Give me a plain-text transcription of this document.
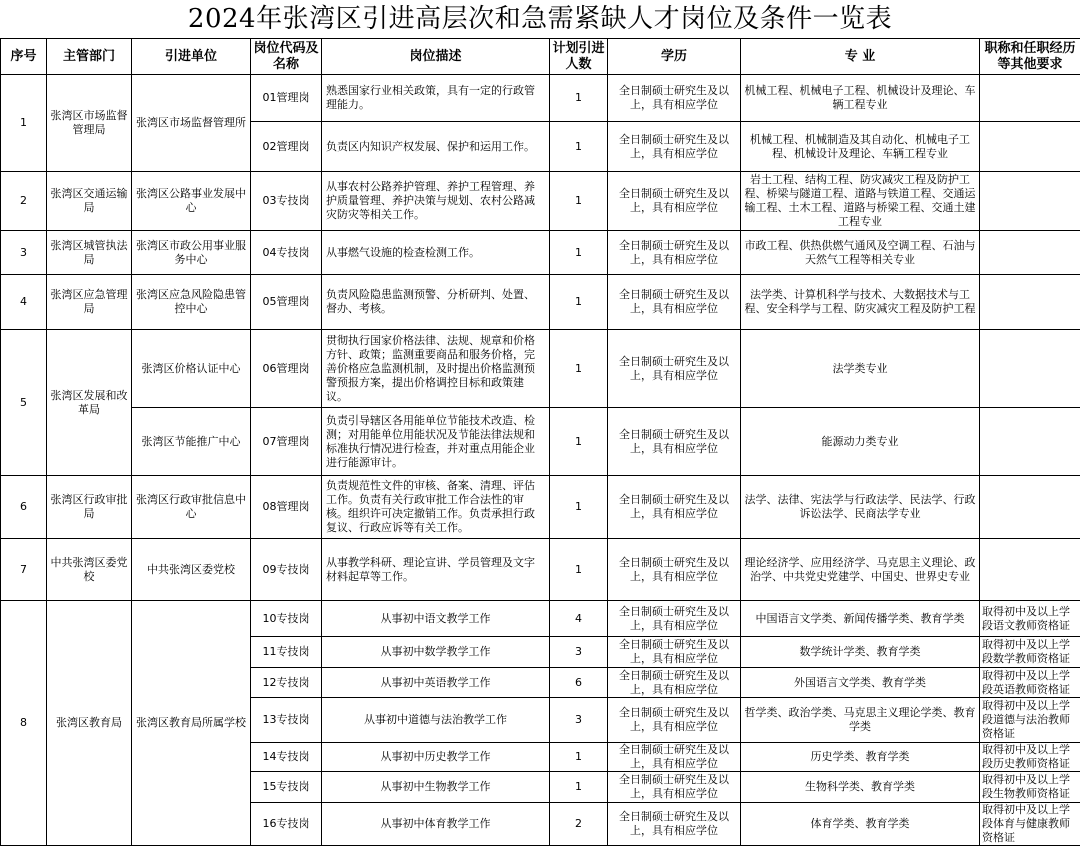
2024年张湾区引进高层次和急需紧缺人才岗位及条件一览表
序号	主管部门	引进单位	岗位代码及名称	岗位描述	计划引进人数	学历	专 业	职称和任职经历等其他要求
1	张湾区市场监督管理局	张湾区市场监督管理所	01管理岗	熟悉国家行业相关政策，具有一定的行政管理能力。	1	全日制硕士研究生及以上，具有相应学位	机械工程、机械电子工程、机械设计及理论、车辆工程专业	
			02管理岗	负责区内知识产权发展、保护和运用工作。	1	全日制硕士研究生及以上，具有相应学位	机械工程、机械制造及其自动化、机械电子工程、机械设计及理论、车辆工程专业	
2	张湾区交通运输局	张湾区公路事业发展中心	03专技岗	从事农村公路养护管理、养护工程管理、养护质量管理、养护决策与规划、农村公路减灾防灾等相关工作。	1	全日制硕士研究生及以上，具有相应学位	岩土工程、结构工程、防灾减灾工程及防护工程、桥梁与隧道工程、道路与铁道工程、交通运输工程、土木工程、道路与桥梁工程、交通土建工程专业	
3	张湾区城管执法局	张湾区市政公用事业服务中心	04专技岗	从事燃气设施的检查检测工作。	1	全日制硕士研究生及以上，具有相应学位	市政工程、供热供燃气通风及空调工程、石油与天然气工程等相关专业	
4	张湾区应急管理局	张湾区应急风险隐患管控中心	05管理岗	负责风险隐患监测预警、分析研判、处置、督办、考核。	1	全日制硕士研究生及以上，具有相应学位	法学类、计算机科学与技术、大数据技术与工程、安全科学与工程、防灾减灾工程及防护工程	
5	张湾区发展和改革局	张湾区价格认证中心	06管理岗	贯彻执行国家价格法律、法规、规章和价格方针、政策；监测重要商品和服务价格，完善价格应急监测机制，及时提出价格监测预警预报方案，提出价格调控目标和政策建议。	1	全日制硕士研究生及以上，具有相应学位	法学类专业	
		张湾区节能推广中心	07管理岗	负责引导辖区各用能单位节能技术改造、检测；对用能单位用能状况及节能法律法规和标准执行情况进行检查，并对重点用能企业进行能源审计。	1	全日制硕士研究生及以上，具有相应学位	能源动力类专业	
6	张湾区行政审批局	张湾区行政审批信息中心	08管理岗	负责规范性文件的审核、备案、清理、评估工作。负责有关行政审批工作合法性的审核。组织许可决定撤销工作。负责承担行政复议、行政应诉等有关工作。	1	全日制硕士研究生及以上，具有相应学位	法学、法律、宪法学与行政法学、民法学、行政诉讼法学、民商法学专业	
7	中共张湾区委党校	中共张湾区委党校	09专技岗	从事教学科研、理论宣讲、学员管理及文字材料起草等工作。	1	全日制硕士研究生及以上，具有相应学位	理论经济学、应用经济学、马克思主义理论、政治学、中共党史党建学、中国史、世界史专业	
8	张湾区教育局	张湾区教育局所属学校	10专技岗	从事初中语文教学工作	4	全日制硕士研究生及以上，具有相应学位	中国语言文学类、新闻传播学类、教育学类	取得初中及以上学段语文教师资格证
			11专技岗	从事初中数学教学工作	3	全日制硕士研究生及以上，具有相应学位	数学统计学类、教育学类	取得初中及以上学段数学教师资格证
			12专技岗	从事初中英语教学工作	6	全日制硕士研究生及以上，具有相应学位	外国语言文学类、教育学类	取得初中及以上学段英语教师资格证
			13专技岗	从事初中道德与法治教学工作	3	全日制硕士研究生及以上，具有相应学位	哲学类、政治学类、马克思主义理论学类、教育学类	取得初中及以上学段道德与法治教师资格证
			14专技岗	从事初中历史教学工作	1	全日制硕士研究生及以上，具有相应学位	历史学类、教育学类	取得初中及以上学段历史教师资格证
			15专技岗	从事初中生物教学工作	1	全日制硕士研究生及以上，具有相应学位	生物科学类、教育学类	取得初中及以上学段生物教师资格证
			16专技岗	从事初中体育教学工作	2	全日制硕士研究生及以上，具有相应学位	体育学类、教育学类	取得初中及以上学段体育与健康教师资格证
